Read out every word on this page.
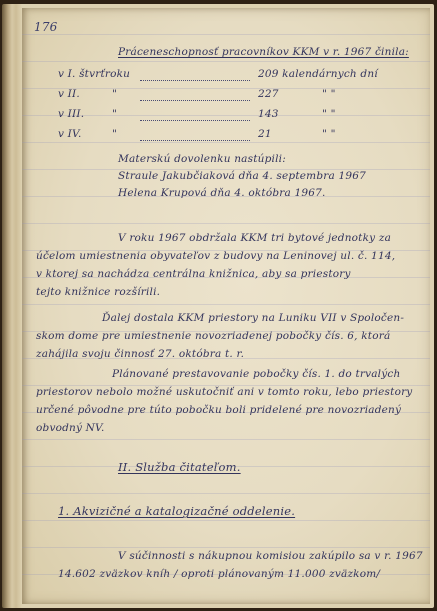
176
Práceneschopnosť pracovníkov KKM v r. 1967 činila:
v I. štvrťroku	209 kalendárnych dní
v II.	"	227	" "
v III.	"	143	" "
v IV.	"	21	" "
Materskú dovolenku nastúpili:
Straule Jakubčiaková dňa 4. septembra 1967
Helena Krupová dňa 4. októbra 1967.
V roku 1967 obdržala KKM tri bytové jednotky za
účelom umiestnenia obyvateľov z budovy na Leninovej ul. č. 114,
v ktorej sa nachádza centrálna knižnica, aby sa priestory
tejto knižnice rozšírili.
Ďalej dostala KKM priestory na Luniku VII v Spoločen-
skom dome pre umiestnenie novozriadenej pobočky čís. 6, ktorá
zahájila svoju činnosť 27. októbra t. r.
Plánované prestavovanie pobočky čís. 1. do trvalých
priestorov nebolo možné uskutočniť ani v tomto roku, lebo priestory
určené pôvodne pre túto pobočku boli pridelené pre novozriadený
obvodný NV.
II. Služba čitateľom.
1. Akvizičné a katalogizačné oddelenie.
V súčinnosti s nákupnou komisiou zakúpilo sa v r. 1967
14.602 zväzkov kníh / oproti plánovaným 11.000 zväzkom/
